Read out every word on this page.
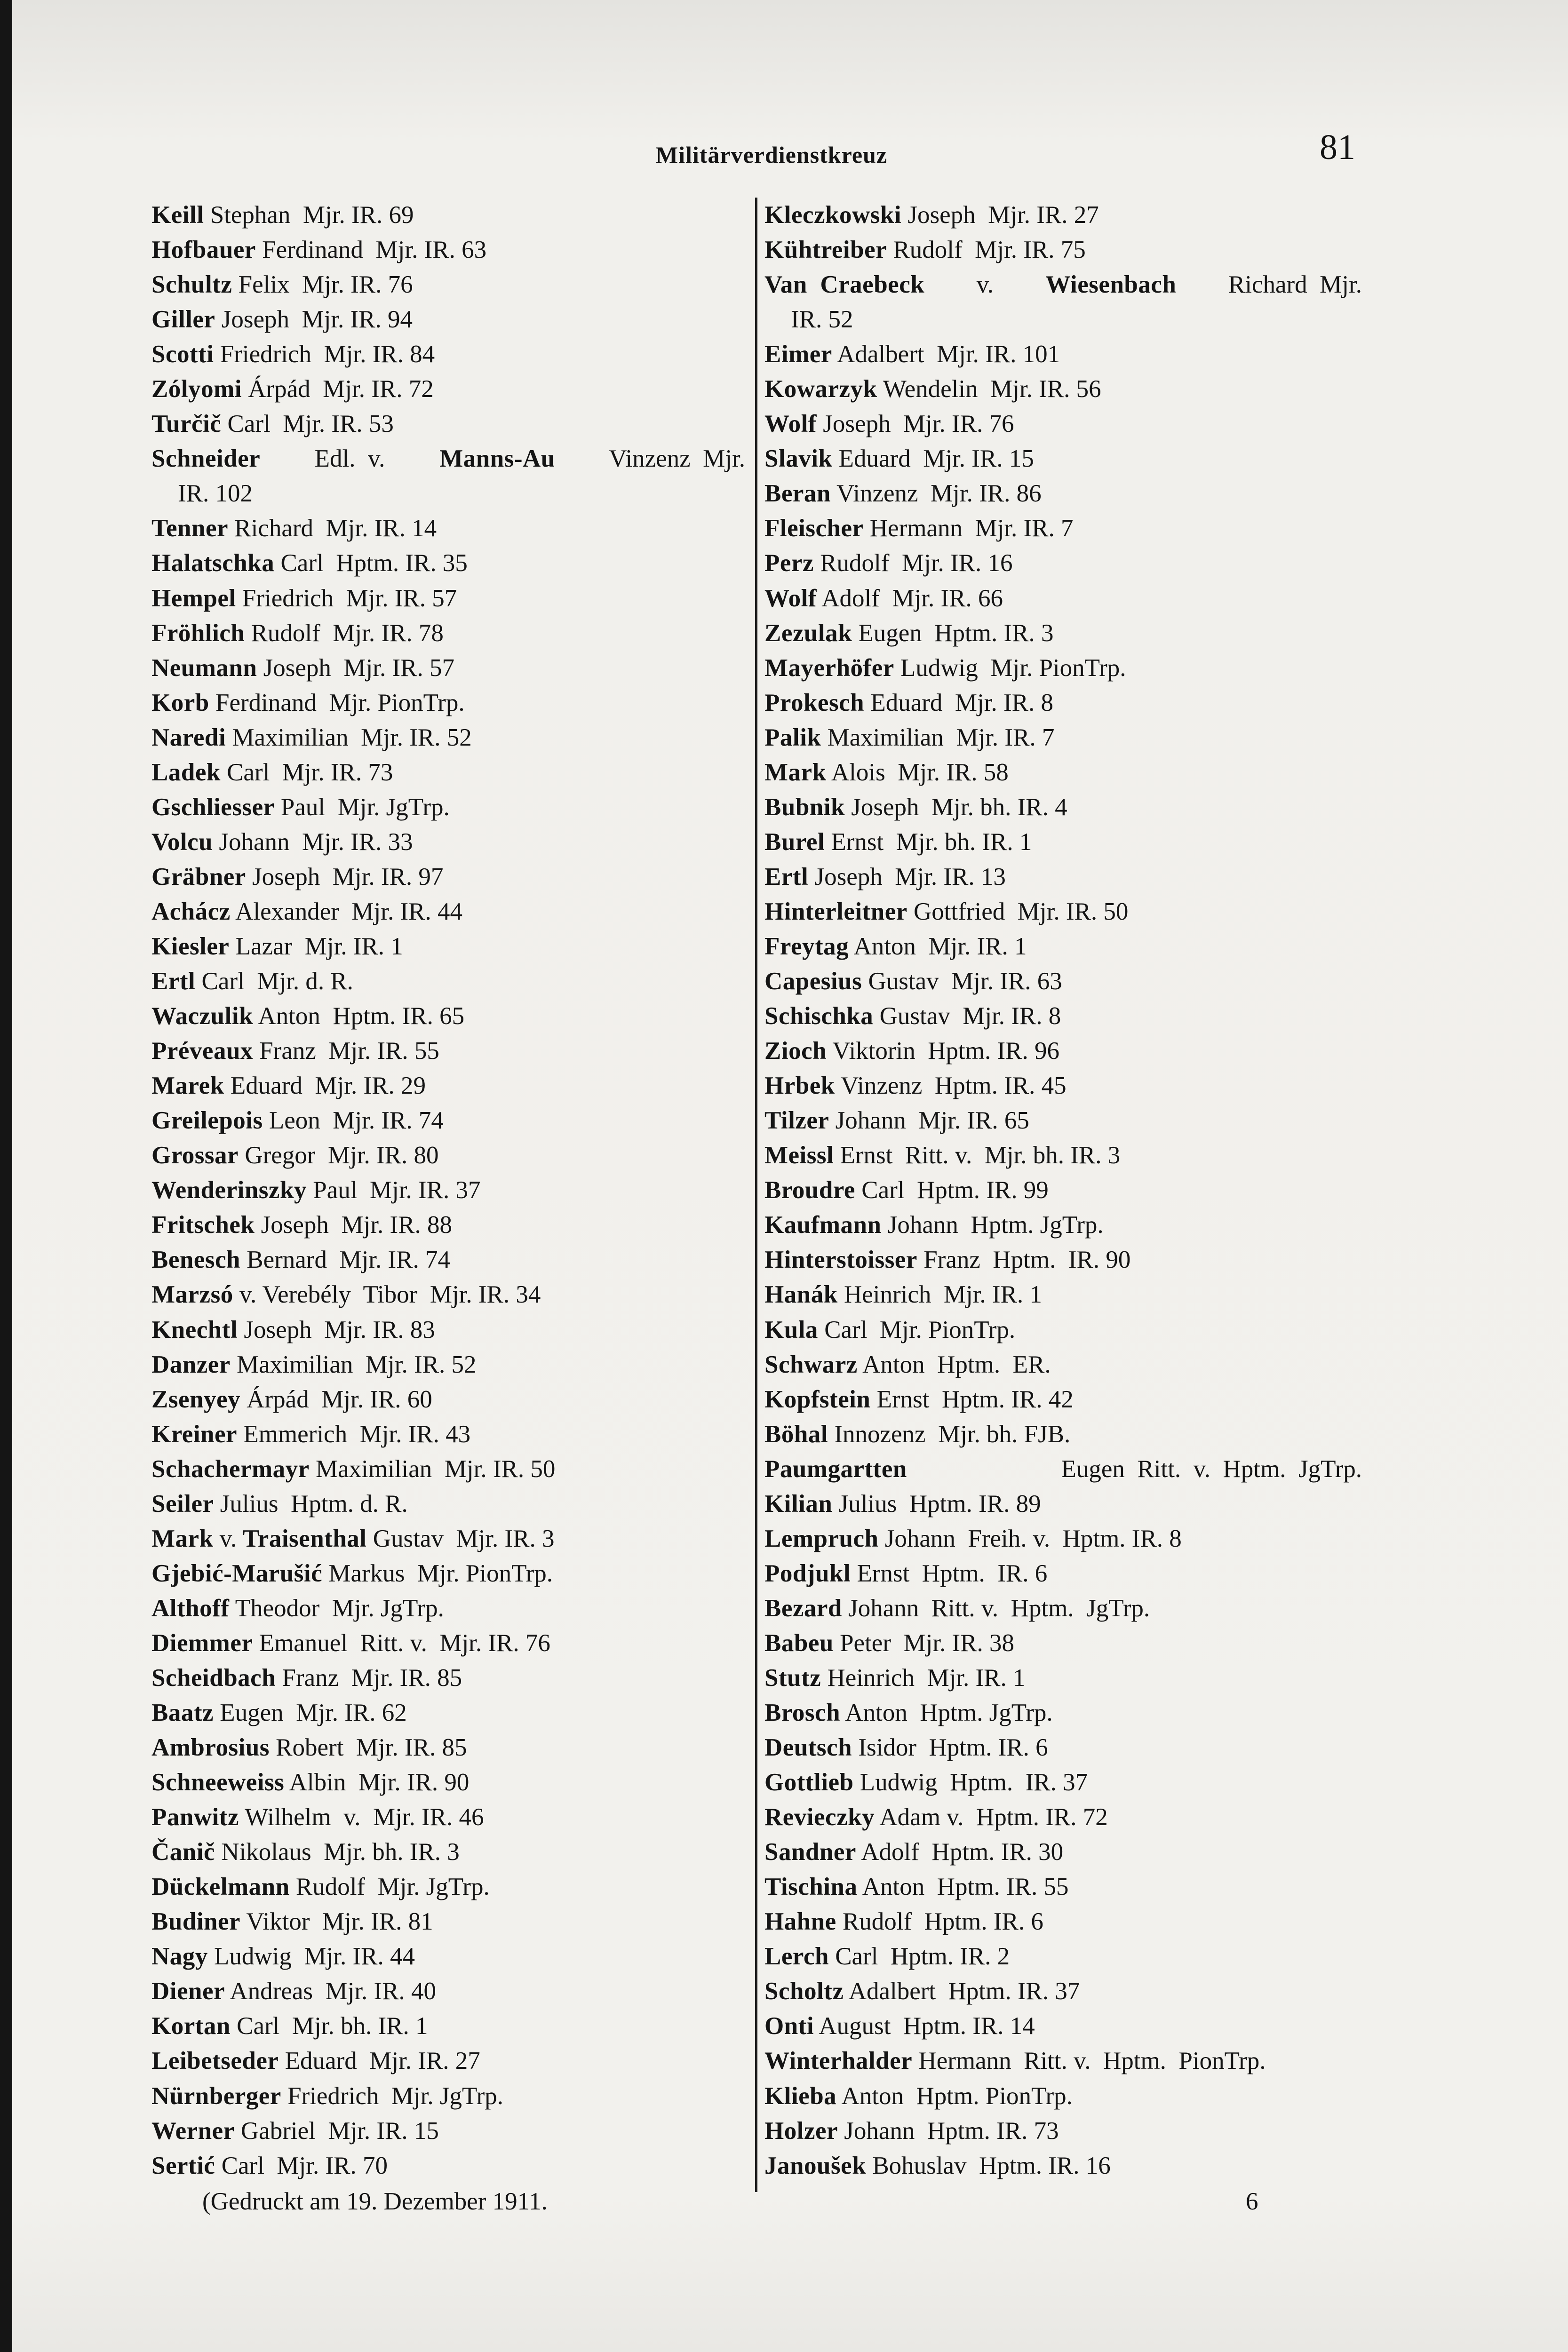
Militärverdienstkreuz	81
Keill Stephan  Mjr. IR. 69
Hofbauer Ferdinand  Mjr. IR. 63
Schultz Felix  Mjr. IR. 76
Giller Joseph  Mjr. IR. 94
Scotti Friedrich  Mjr. IR. 84
Zólyomi Árpád  Mjr. IR. 72
Turčič Carl  Mjr. IR. 53
Schneider Edl.  v. Manns-Au Vinzenz  Mjr.
IR. 102
Tenner Richard  Mjr. IR. 14
Halatschka Carl  Hptm. IR. 35
Hempel Friedrich  Mjr. IR. 57
Fröhlich Rudolf  Mjr. IR. 78
Neumann Joseph  Mjr. IR. 57
Korb Ferdinand  Mjr. PionTrp.
Naredi Maximilian  Mjr. IR. 52
Ladek Carl  Mjr. IR. 73
Gschliesser Paul  Mjr. JgTrp.
Volcu Johann  Mjr. IR. 33
Gräbner Joseph  Mjr. IR. 97
Achácz Alexander  Mjr. IR. 44
Kiesler Lazar  Mjr. IR. 1
Ertl Carl  Mjr. d. R.
Waczulik Anton  Hptm. IR. 65
Préveaux Franz  Mjr. IR. 55
Marek Eduard  Mjr. IR. 29
Greilepois Leon  Mjr. IR. 74
Grossar Gregor  Mjr. IR. 80
Wenderinszky Paul  Mjr. IR. 37
Fritschek Joseph  Mjr. IR. 88
Benesch Bernard  Mjr. IR. 74
Marzsó v. Verebély  Tibor  Mjr. IR. 34
Knechtl Joseph  Mjr. IR. 83
Danzer Maximilian  Mjr. IR. 52
Zsenyey Árpád  Mjr. IR. 60
Kreiner Emmerich  Mjr. IR. 43
Schachermayr Maximilian  Mjr. IR. 50
Seiler Julius  Hptm. d. R.
Mark v. Traisenthal Gustav  Mjr. IR. 3
Gjebić-Marušić Markus  Mjr. PionTrp.
Althoff Theodor  Mjr. JgTrp.
Diemmer Emanuel  Ritt. v.  Mjr. IR. 76
Scheidbach Franz  Mjr. IR. 85
Baatz Eugen  Mjr. IR. 62
Ambrosius Robert  Mjr. IR. 85
Schneeweiss Albin  Mjr. IR. 90
Panwitz Wilhelm  v.  Mjr. IR. 46
Čanič Nikolaus  Mjr. bh. IR. 3
Dückelmann Rudolf  Mjr. JgTrp.
Budiner Viktor  Mjr. IR. 81
Nagy Ludwig  Mjr. IR. 44
Diener Andreas  Mjr. IR. 40
Kortan Carl  Mjr. bh. IR. 1
Leibetseder Eduard  Mjr. IR. 27
Nürnberger Friedrich  Mjr. JgTrp.
Werner Gabriel  Mjr. IR. 15
Sertić Carl  Mjr. IR. 70
Kleczkowski Joseph  Mjr. IR. 27
Kühtreiber Rudolf  Mjr. IR. 75
Van  Craebeck v. Wiesenbach Richard  Mjr.
IR. 52
Eimer Adalbert  Mjr. IR. 101
Kowarzyk Wendelin  Mjr. IR. 56
Wolf Joseph  Mjr. IR. 76
Slavik Eduard  Mjr. IR. 15
Beran Vinzenz  Mjr. IR. 86
Fleischer Hermann  Mjr. IR. 7
Perz Rudolf  Mjr. IR. 16
Wolf Adolf  Mjr. IR. 66
Zezulak Eugen  Hptm. IR. 3
Mayerhöfer Ludwig  Mjr. PionTrp.
Prokesch Eduard  Mjr. IR. 8
Palik Maximilian  Mjr. IR. 7
Mark Alois  Mjr. IR. 58
Bubnik Joseph  Mjr. bh. IR. 4
Burel Ernst  Mjr. bh. IR. 1
Ertl Joseph  Mjr. IR. 13
Hinterleitner Gottfried  Mjr. IR. 50
Freytag Anton  Mjr. IR. 1
Capesius Gustav  Mjr. IR. 63
Schischka Gustav  Mjr. IR. 8
Zioch Viktorin  Hptm. IR. 96
Hrbek Vinzenz  Hptm. IR. 45
Tilzer Johann  Mjr. IR. 65
Meissl Ernst  Ritt. v.  Mjr. bh. IR. 3
Broudre Carl  Hptm. IR. 99
Kaufmann Johann  Hptm. JgTrp.
Hinterstoisser Franz  Hptm.  IR. 90
Hanák Heinrich  Mjr. IR. 1
Kula Carl  Mjr. PionTrp.
Schwarz Anton  Hptm.  ER.
Kopfstein Ernst  Hptm. IR. 42
Böhal Innozenz  Mjr. bh. FJB.
Paumgartten	Eugen  Ritt.  v.  Hptm.  JgTrp.
Kilian Julius  Hptm. IR. 89
Lempruch Johann  Freih. v.  Hptm. IR. 8
Podjukl Ernst  Hptm.  IR. 6
Bezard Johann  Ritt. v.  Hptm.  JgTrp.
Babeu Peter  Mjr. IR. 38
Stutz Heinrich  Mjr. IR. 1
Brosch Anton  Hptm. JgTrp.
Deutsch Isidor  Hptm. IR. 6
Gottlieb Ludwig  Hptm.  IR. 37
Revieczky Adam v.  Hptm. IR. 72
Sandner Adolf  Hptm. IR. 30
Tischina Anton  Hptm. IR. 55
Hahne Rudolf  Hptm. IR. 6
Lerch Carl  Hptm. IR. 2
Scholtz Adalbert  Hptm. IR. 37
Onti August  Hptm. IR. 14
Winterhalder Hermann  Ritt. v.  Hptm.  PionTrp.
Klieba Anton  Hptm. PionTrp.
Holzer Johann  Hptm. IR. 73
Janoušek Bohuslav  Hptm. IR. 16
(Gedruckt am 19. Dezember 1911.	6
